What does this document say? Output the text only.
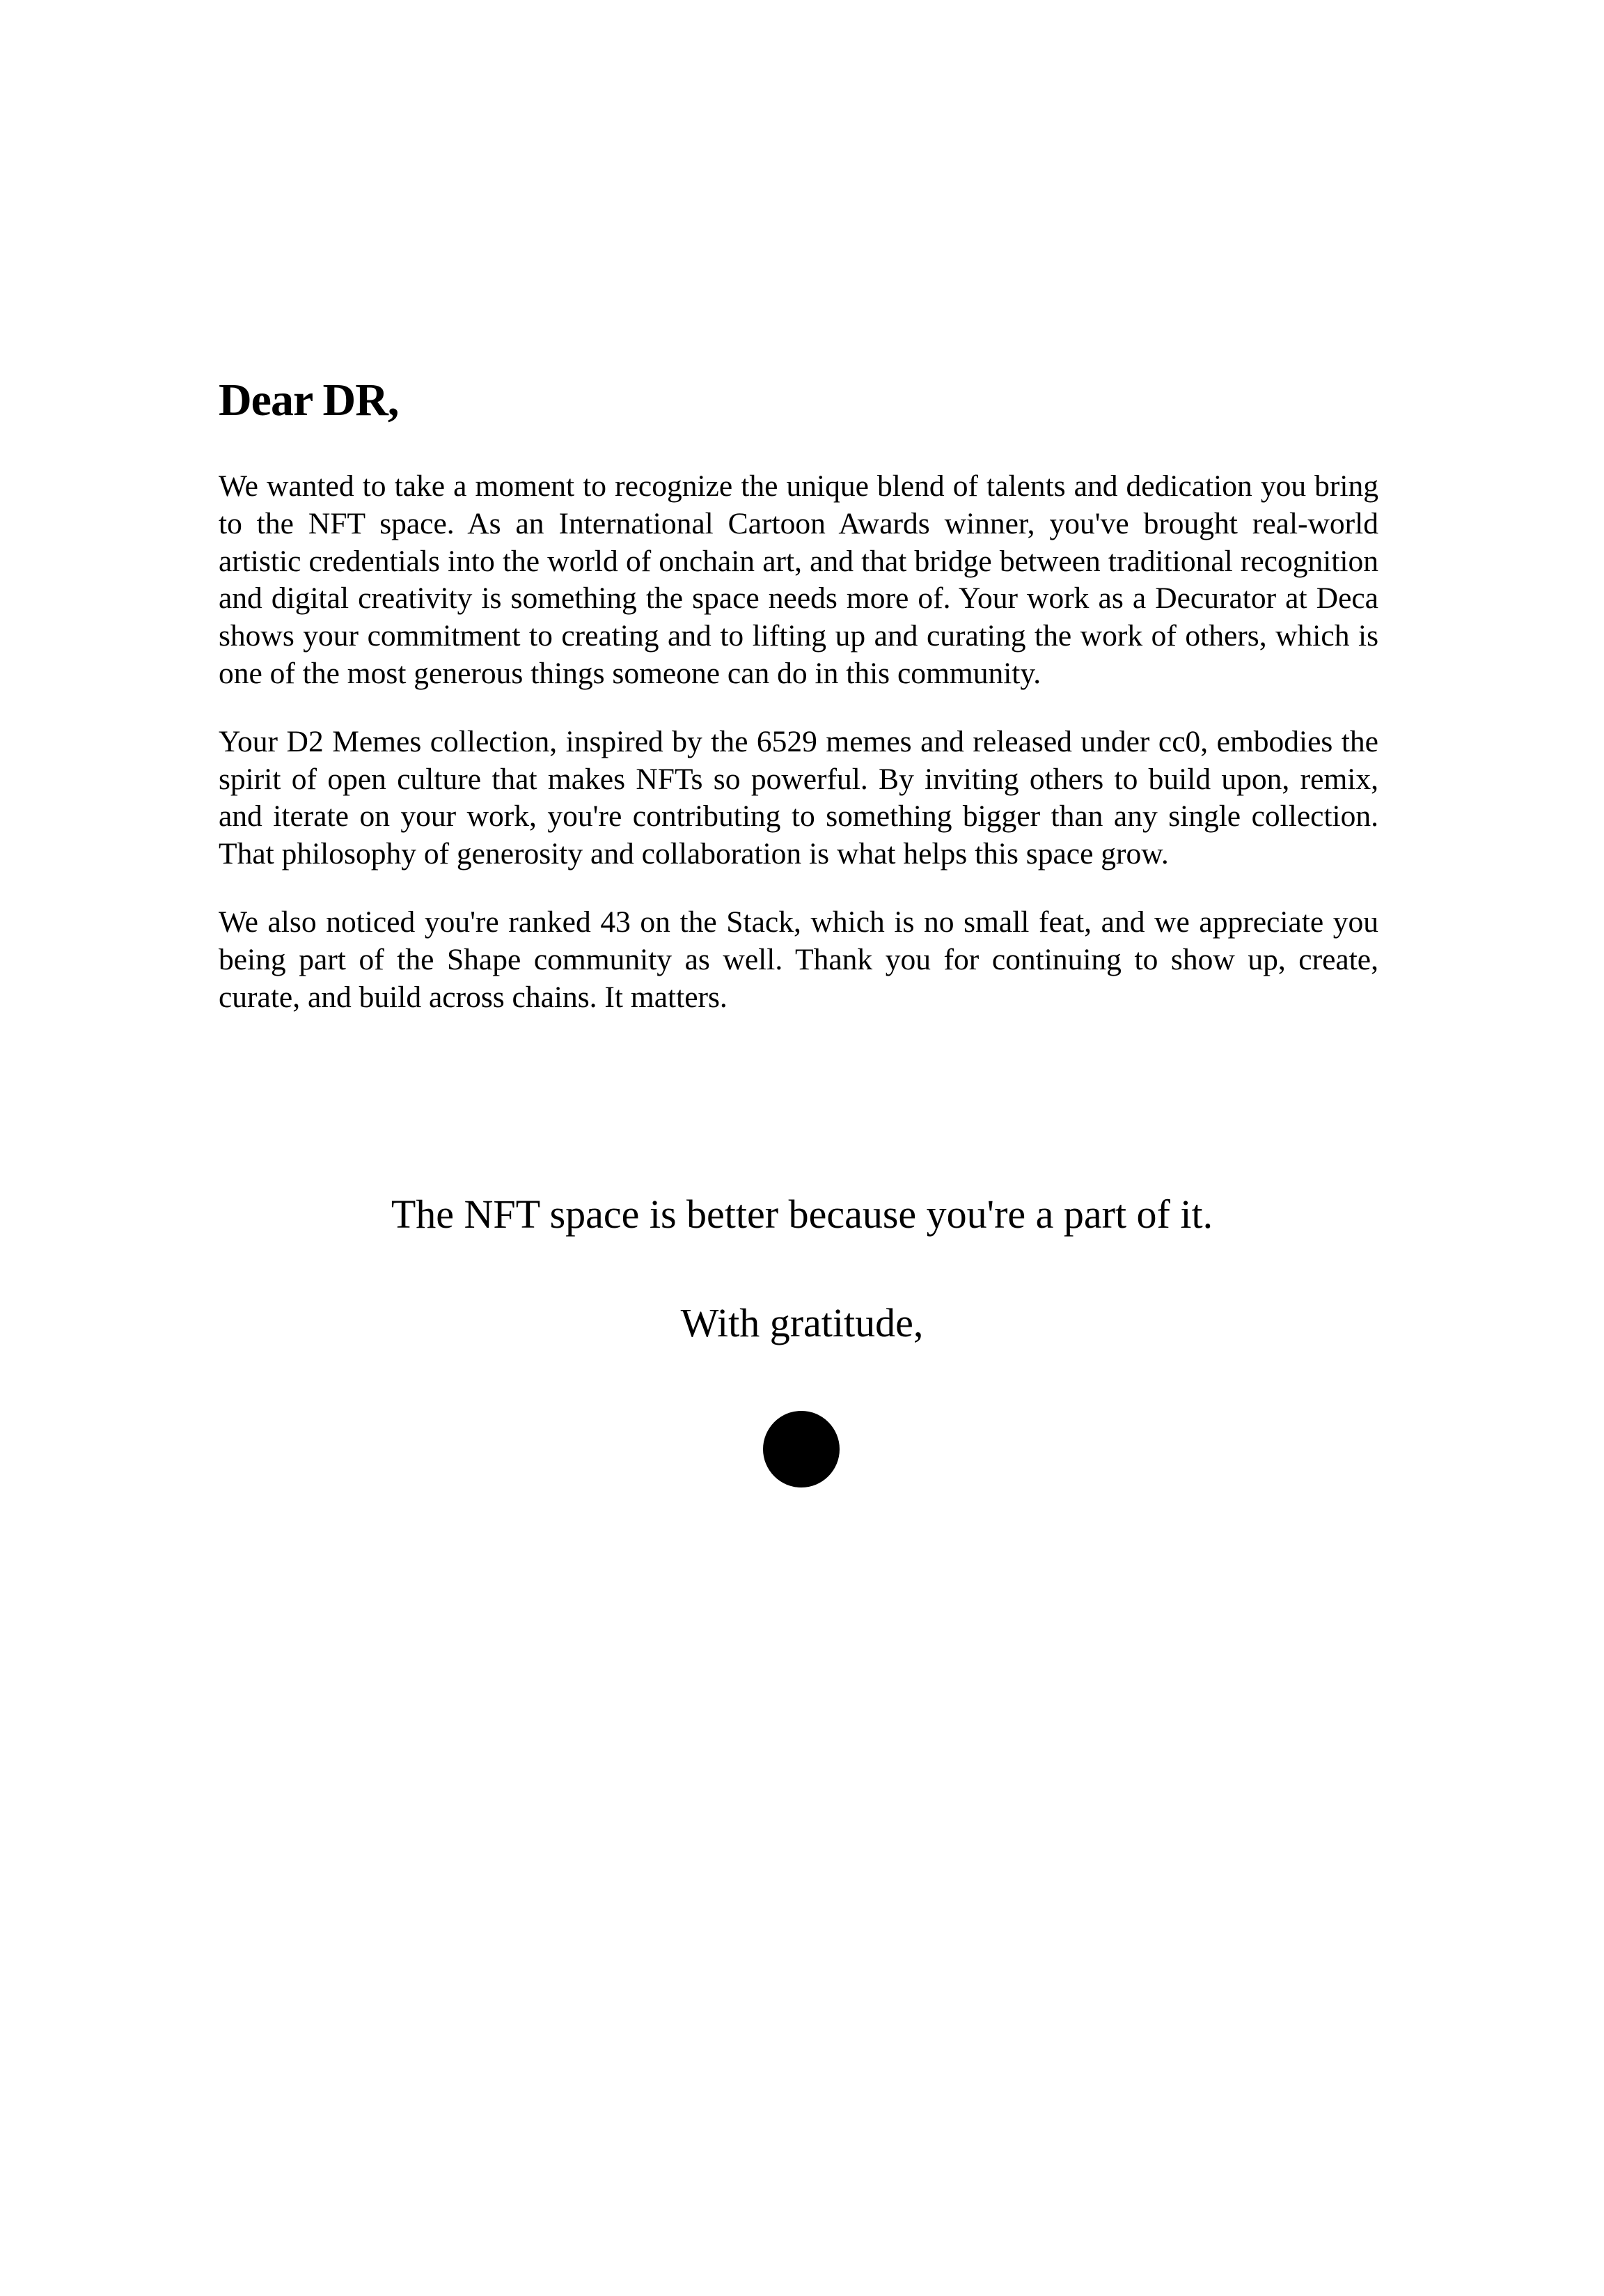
Dear DR,

We wanted to take a moment to recognize the unique blend of talents and dedication you bring to the NFT space. As an International Cartoon Awards winner, you've brought real-world artistic credentials into the world of onchain art, and that bridge between traditional recognition and digital creativity is something the space needs more of. Your work as a Decurator at Deca shows your commitment to creating and to lifting up and curating the work of others, which is one of the most generous things someone can do in this community.

Your D2 Memes collection, inspired by the 6529 memes and released under cc0, embodies the spirit of open culture that makes NFTs so powerful. By inviting others to build upon, remix, and iterate on your work, you're contributing to something bigger than any single collection. That philosophy of generosity and collaboration is what helps this space grow.

We also noticed you're ranked 43 on the Stack, which is no small feat, and we appreciate you being part of the Shape community as well. Thank you for continuing to show up, create, curate, and build across chains. It matters.

The NFT space is better because you're a part of it.

With gratitude,
